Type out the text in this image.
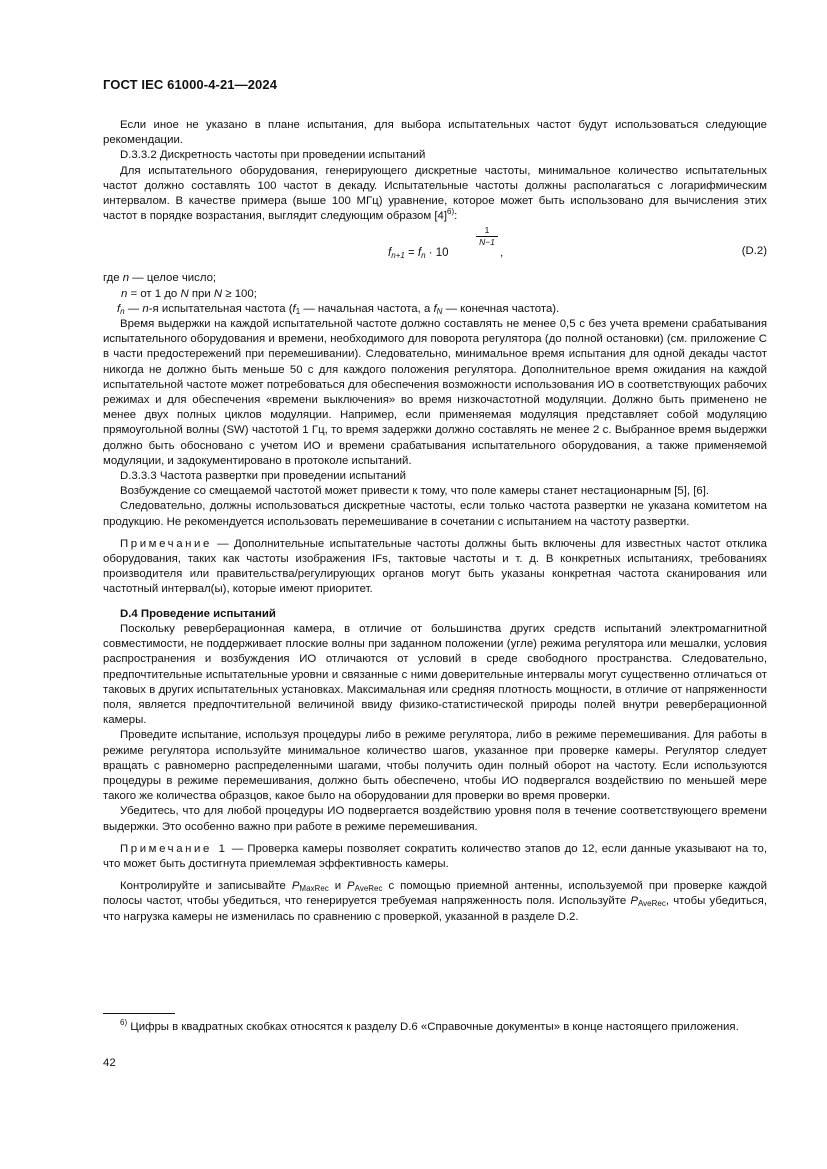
ГОСТ IEC 61000-4-21—2024

Если иное не указано в плане испытания, для выбора испытательных частот будут использоваться следующие рекомендации.

D.3.3.2 Дискретность частоты при проведении испытаний

Для испытательного оборудования, генерирующего дискретные частоты, минимальное количество испытательных частот должно составлять 100 частот в декаду. Испытательные частоты должны располагаться с логарифмическим интервалом. В качестве примера (выше 100 МГц) уравнение, которое может быть использовано для вычисления этих частот в порядке возрастания, выглядит следующим образом $[4]^{6)}$:

$f_{n+1} = f_n \cdot 10$
1
N−1
,	(D.2)
где n — целое число;
n = от 1 до N при N ≥ 100;
$f_n$ — n-я испытательная частота ($f_1$ — начальная частота, а $f_N$ — конечная частота).

Время выдержки на каждой испытательной частоте должно составлять не менее 0,5 с без учета времени срабатывания испытательного оборудования и времени, необходимого для поворота регулятора (до полной остановки) (см. приложение С в части предостережений при перемешивании). Следовательно, минимальное время испытания для одной декады частот никогда не должно быть меньше 50 с для каждого положения регулятора. Дополнительное время ожидания на каждой испытательной частоте может потребоваться для обеспечения возможности использования ИО в соответствующих рабочих режимах и для обеспечения «времени выключения» во время низкочастотной модуляции. Должно быть применено не менее двух полных циклов модуляции. Например, если применяемая модуляция представляет собой модуляцию прямоугольной волны (SW) частотой 1 Гц, то время задержки должно составлять не менее 2 с. Выбранное время выдержки должно быть обосновано с учетом ИО и времени срабатывания испытательного оборудования, а также применяемой модуляции, и задокументировано в протоколе испытаний.

D.3.3.3 Частота развертки при проведении испытаний

Возбуждение со смещаемой частотой может привести к тому, что поле камеры станет нестационарным [5], [6].

Следовательно, должны использоваться дискретные частоты, если только частота развертки не указана комитетом на продукцию. Не рекомендуется использовать перемешивание в сочетании с испытанием на частоту развертки.

Примечание — Дополнительные испытательные частоты должны быть включены для известных частот отклика оборудования, таких как частоты изображения IFs, тактовые частоты и т. д. В конкретных испытаниях, требованиях производителя или правительства/регулирующих органов могут быть указаны конкретная частота сканирования или частотный интервал(ы), которые имеют приоритет.

D.4 Проведение испытаний

Поскольку реверберационная камера, в отличие от большинства других средств испытаний электромагнитной совместимости, не поддерживает плоские волны при заданном положении (угле) режима регулятора или мешалки, условия распространения и возбуждения ИО отличаются от условий в среде свободного пространства. Следовательно, предпочтительные испытательные уровни и связанные с ними доверительные интервалы могут существенно отличаться от таковых в других испытательных установках. Максимальная или средняя плотность мощности, в отличие от напряженности поля, является предпочтительной величиной ввиду физико-статистической природы полей внутри реверберационной камеры.

Проведите испытание, используя процедуры либо в режиме регулятора, либо в режиме перемешивания. Для работы в режиме регулятора используйте минимальное количество шагов, указанное при проверке камеры. Регулятор следует вращать с равномерно распределенными шагами, чтобы получить один полный оборот на частоту. Если используются процедуры в режиме перемешивания, должно быть обеспечено, чтобы ИО подвергался воздействию по меньшей мере такого же количества образцов, какое было на оборудовании для проверки во время проверки.

Убедитесь, что для любой процедуры ИО подвергается воздействию уровня поля в течение соответствующего времени выдержки. Это особенно важно при работе в режиме перемешивания.

Примечание 1 — Проверка камеры позволяет сократить количество этапов до 12, если данные указывают на то, что может быть достигнута приемлемая эффективность камеры.

Контролируйте и записывайте $P_{MaxRec}$ и $P_{AveRec}$ с помощью приемной антенны, используемой при проверке каждой полосы частот, чтобы убедиться, что генерируется требуемая напряженность поля. Используйте $P_{AveRec}$, чтобы убедиться, что нагрузка камеры не изменилась по сравнению с проверкой, указанной в разделе D.2.

$^{6)}$ Цифры в квадратных скобках относятся к разделу D.6 «Справочные документы» в конце настоящего приложения.
42
